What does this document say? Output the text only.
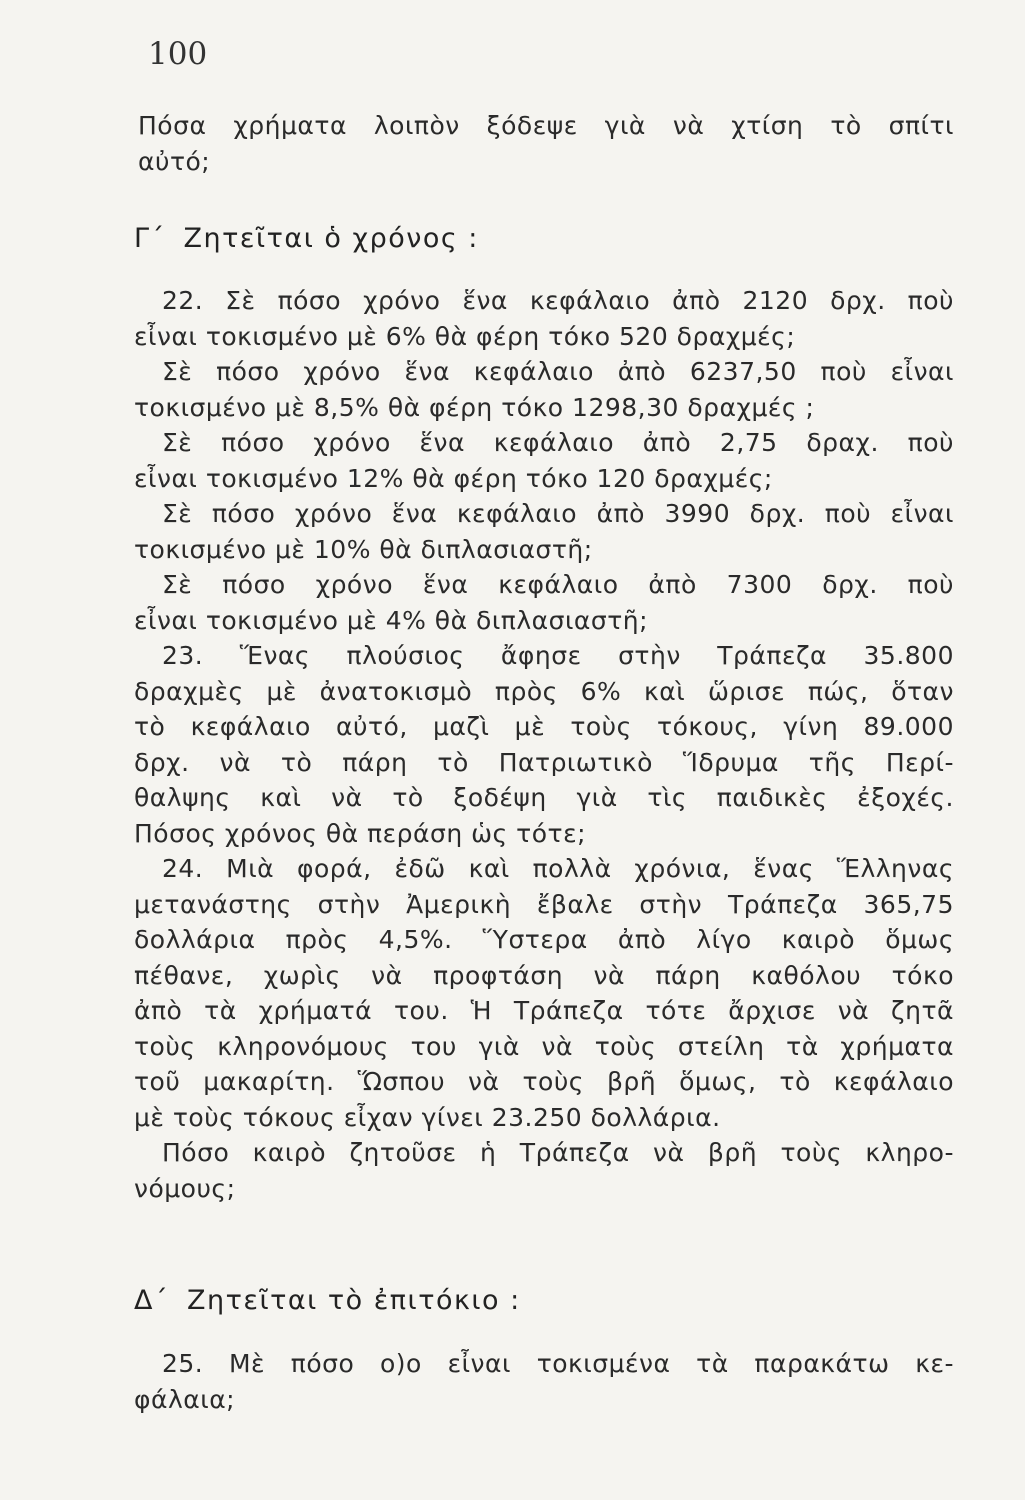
100
Πόσα χρήματα λοιπὸν ξόδεψε γιὰ νὰ χτίση τὸ σπίτι
αὐτό;
Γ΄ Ζητεῖται ὁ χρόνος :
22. Σὲ πόσο χρόνο ἕνα κεφάλαιο ἀπὸ 2120 δρχ. ποὺ
εἶναι τοκισμένο μὲ 6% θὰ φέρη τόκο 520 δραχμές;
Σὲ πόσο χρόνο ἕνα κεφάλαιο ἀπὸ 6237,50 ποὺ εἶναι
τοκισμένο μὲ 8,5% θὰ φέρη τόκο 1298,30 δραχμές ;
Σὲ πόσο χρόνο ἕνα κεφάλαιο ἀπὸ 2,75 δραχ. ποὺ
εἶναι τοκισμένο 12% θὰ φέρη τόκο 120 δραχμές;
Σὲ πόσο χρόνο ἕνα κεφάλαιο ἀπὸ 3990 δρχ. ποὺ εἶναι
τοκισμένο μὲ 10% θὰ διπλασιαστῆ;
Σὲ πόσο χρόνο ἕνα κεφάλαιο ἀπὸ 7300 δρχ. ποὺ
εἶναι τοκισμένο μὲ 4% θὰ διπλασιαστῆ;
23. Ἕνας πλούσιος ἄφησε στὴν Τράπεζα 35.800
δραχμὲς μὲ ἀνατοκισμὸ πρὸς 6% καὶ ὥρισε πώς, ὅταν
τὸ κεφάλαιο αὐτό, μαζὶ μὲ τοὺς τόκους, γίνη 89.000
δρχ. νὰ τὸ πάρη τὸ Πατριωτικὸ Ἵδρυμα τῆς Περί-
θαλψης καὶ νὰ τὸ ξοδέψη γιὰ τὶς παιδικὲς ἐξοχές.
Πόσος χρόνος θὰ περάση ὡς τότε;
24. Μιὰ φορά, ἐδῶ καὶ πολλὰ χρόνια, ἕνας Ἕλληνας
μετανάστης στὴν Ἀμερικὴ ἔβαλε στὴν Τράπεζα 365,75
δολλάρια πρὸς 4,5%. Ὕστερα ἀπὸ λίγο καιρὸ ὅμως
πέθανε, χωρὶς νὰ προφτάση νὰ πάρη καθόλου τόκο
ἀπὸ τὰ χρήματά του. Ἡ Τράπεζα τότε ἄρχισε νὰ ζητᾶ
τοὺς κληρονόμους του γιὰ νὰ τοὺς στείλη τὰ χρήματα
τοῦ μακαρίτη. Ὥσπου νὰ τοὺς βρῆ ὅμως, τὸ κεφάλαιο
μὲ τοὺς τόκους εἶχαν γίνει 23.250 δολλάρια.
Πόσο καιρὸ ζητοῦσε ἡ Τράπεζα νὰ βρῆ τοὺς κληρο-
νόμους;
Δ΄ Ζητεῖται τὸ ἐπιτόκιο :
25. Μὲ πόσο ο)ο εἶναι τοκισμένα τὰ παρακάτω κε-
φάλαια;
